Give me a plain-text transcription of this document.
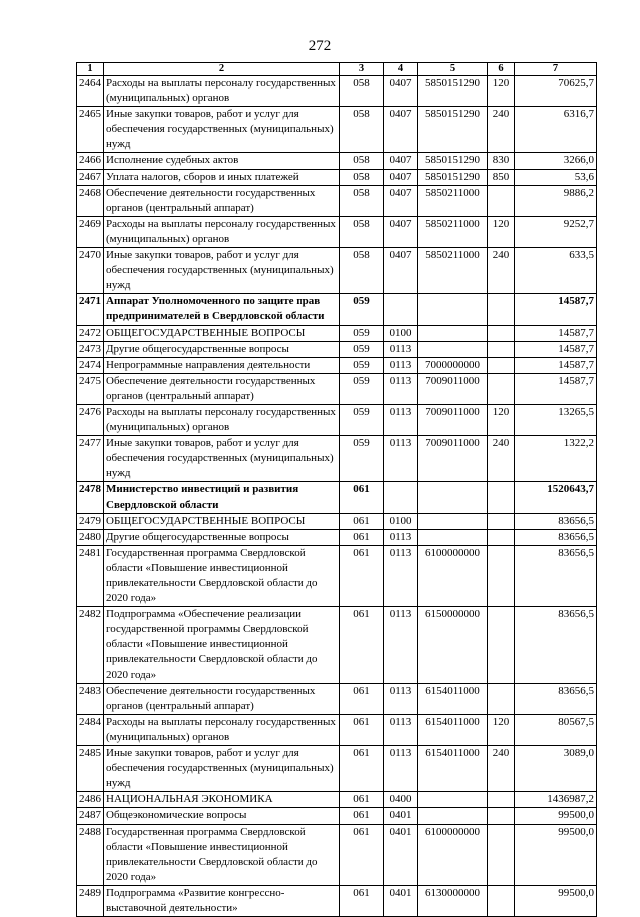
272
1	2	3	4	5	6	7
2464	Расходы на выплаты персоналу государственных (муниципальных) органов	058	0407	5850151290	120	70625,7
2465	Иные закупки товаров, работ и услуг для обеспечения государственных (муниципальных) нужд	058	0407	5850151290	240	6316,7
2466	Исполнение судебных актов	058	0407	5850151290	830	3266,0
2467	Уплата налогов, сборов и иных платежей	058	0407	5850151290	850	53,6
2468	Обеспечение деятельности государственных органов (центральный аппарат)	058	0407	5850211000		9886,2
2469	Расходы на выплаты персоналу государственных (муниципальных) органов	058	0407	5850211000	120	9252,7
2470	Иные закупки товаров, работ и услуг для обеспечения государственных (муниципальных) нужд	058	0407	5850211000	240	633,5
2471	Аппарат Уполномоченного по защите прав предпринимателей в Свердловской области	059				14587,7
2472	ОБЩЕГОСУДАРСТВЕННЫЕ ВОПРОСЫ	059	0100			14587,7
2473	Другие общегосударственные вопросы	059	0113			14587,7
2474	Непрограммные направления деятельности	059	0113	7000000000		14587,7
2475	Обеспечение деятельности государственных органов (центральный аппарат)	059	0113	7009011000		14587,7
2476	Расходы на выплаты персоналу государственных (муниципальных) органов	059	0113	7009011000	120	13265,5
2477	Иные закупки товаров, работ и услуг для обеспечения государственных (муниципальных) нужд	059	0113	7009011000	240	1322,2
2478	Министерство инвестиций и развития Свердловской области	061				1520643,7
2479	ОБЩЕГОСУДАРСТВЕННЫЕ ВОПРОСЫ	061	0100			83656,5
2480	Другие общегосударственные вопросы	061	0113			83656,5
2481	Государственная программа Свердловской области «Повышение инвестиционной привлекательности Свердловской области до 2020 года»	061	0113	6100000000		83656,5
2482	Подпрограмма «Обеспечение реализации государственной программы Свердловской области «Повышение инвестиционной привлекательности Свердловской области до 2020 года»	061	0113	6150000000		83656,5
2483	Обеспечение деятельности государственных органов (центральный аппарат)	061	0113	6154011000		83656,5
2484	Расходы на выплаты персоналу государственных (муниципальных) органов	061	0113	6154011000	120	80567,5
2485	Иные закупки товаров, работ и услуг для обеспечения государственных (муниципальных) нужд	061	0113	6154011000	240	3089,0
2486	НАЦИОНАЛЬНАЯ ЭКОНОМИКА	061	0400			1436987,2
2487	Общеэкономические вопросы	061	0401			99500,0
2488	Государственная программа Свердловской области «Повышение инвестиционной привлекательности Свердловской области до 2020 года»	061	0401	6100000000		99500,0
2489	Подпрограмма «Развитие конгрессно-выставочной деятельности»	061	0401	6130000000		99500,0
